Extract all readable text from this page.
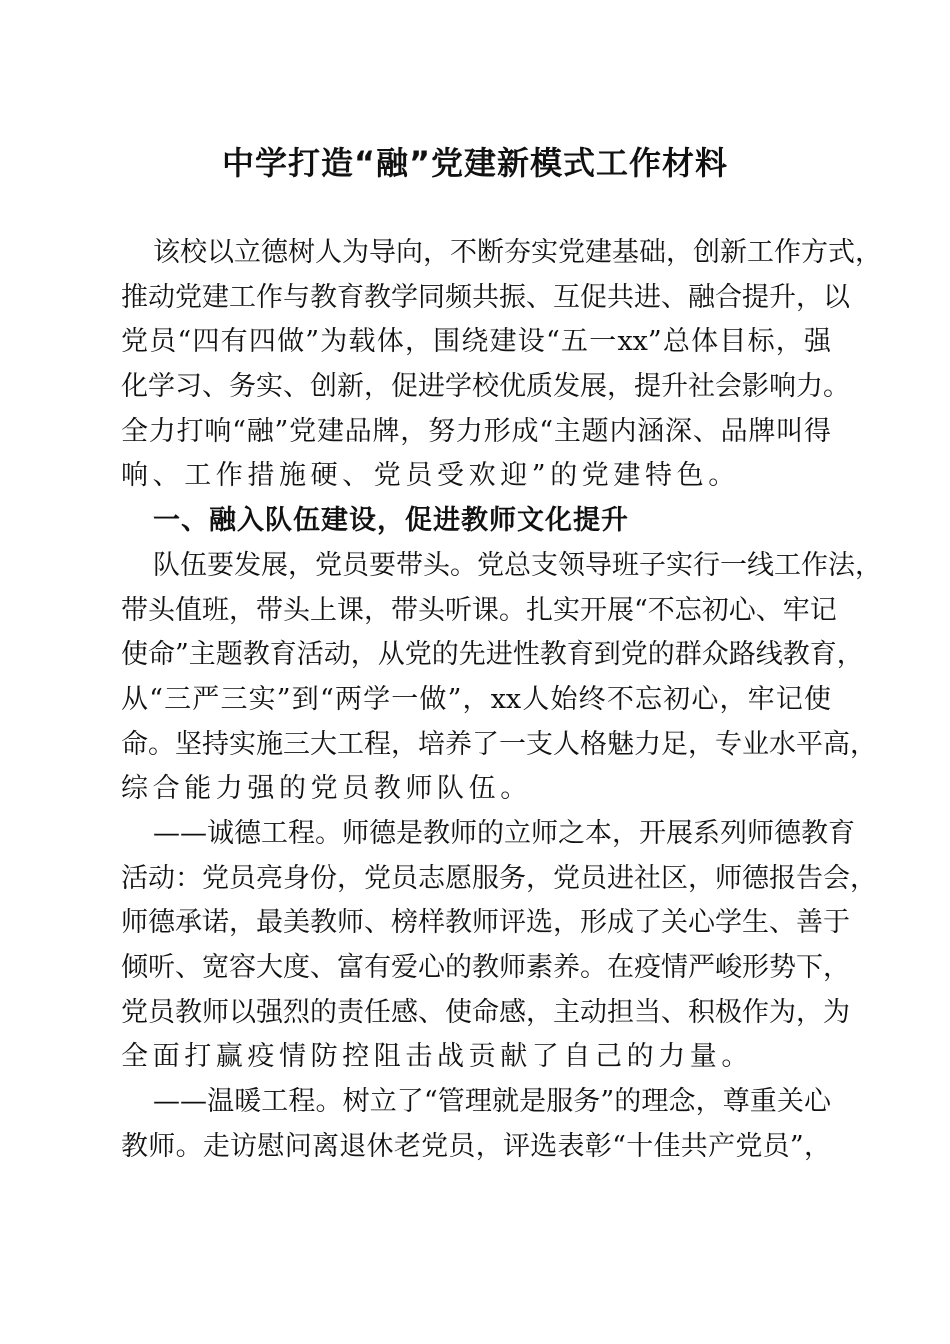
中学打造“融”党建新模式工作材料
该校以立德树人为导向，不断夯实党建基础，创新工作方式，
推动党建工作与教育教学同频共振、互促共进、融合提升，以
党员“四有四做”为载体，围绕建设“五一xx”总体目标，强
化学习、务实、创新，促进学校优质发展，提升社会影响力。
全力打响“融”党建品牌，努力形成“主题内涵深、品牌叫得
响、工作措施硬、党员受欢迎”的党建特色。
一、融入队伍建设，促进教师文化提升
队伍要发展，党员要带头。党总支领导班子实行一线工作法，
带头值班，带头上课，带头听课。扎实开展“不忘初心、牢记
使命”主题教育活动，从党的先进性教育到党的群众路线教育，
从“三严三实”到“两学一做”，xx人始终不忘初心，牢记使
命。坚持实施三大工程，培养了一支人格魅力足，专业水平高，
综合能力强的党员教师队伍。
——诚德工程。师德是教师的立师之本，开展系列师德教育
活动：党员亮身份，党员志愿服务，党员进社区，师德报告会，
师德承诺，最美教师、榜样教师评选，形成了关心学生、善于
倾听、宽容大度、富有爱心的教师素养。在疫情严峻形势下，
党员教师以强烈的责任感、使命感，主动担当、积极作为，为
全面打赢疫情防控阻击战贡献了自己的力量。
——温暖工程。树立了“管理就是服务”的理念，尊重关心
教师。走访慰问离退休老党员，评选表彰“十佳共产党员”，
